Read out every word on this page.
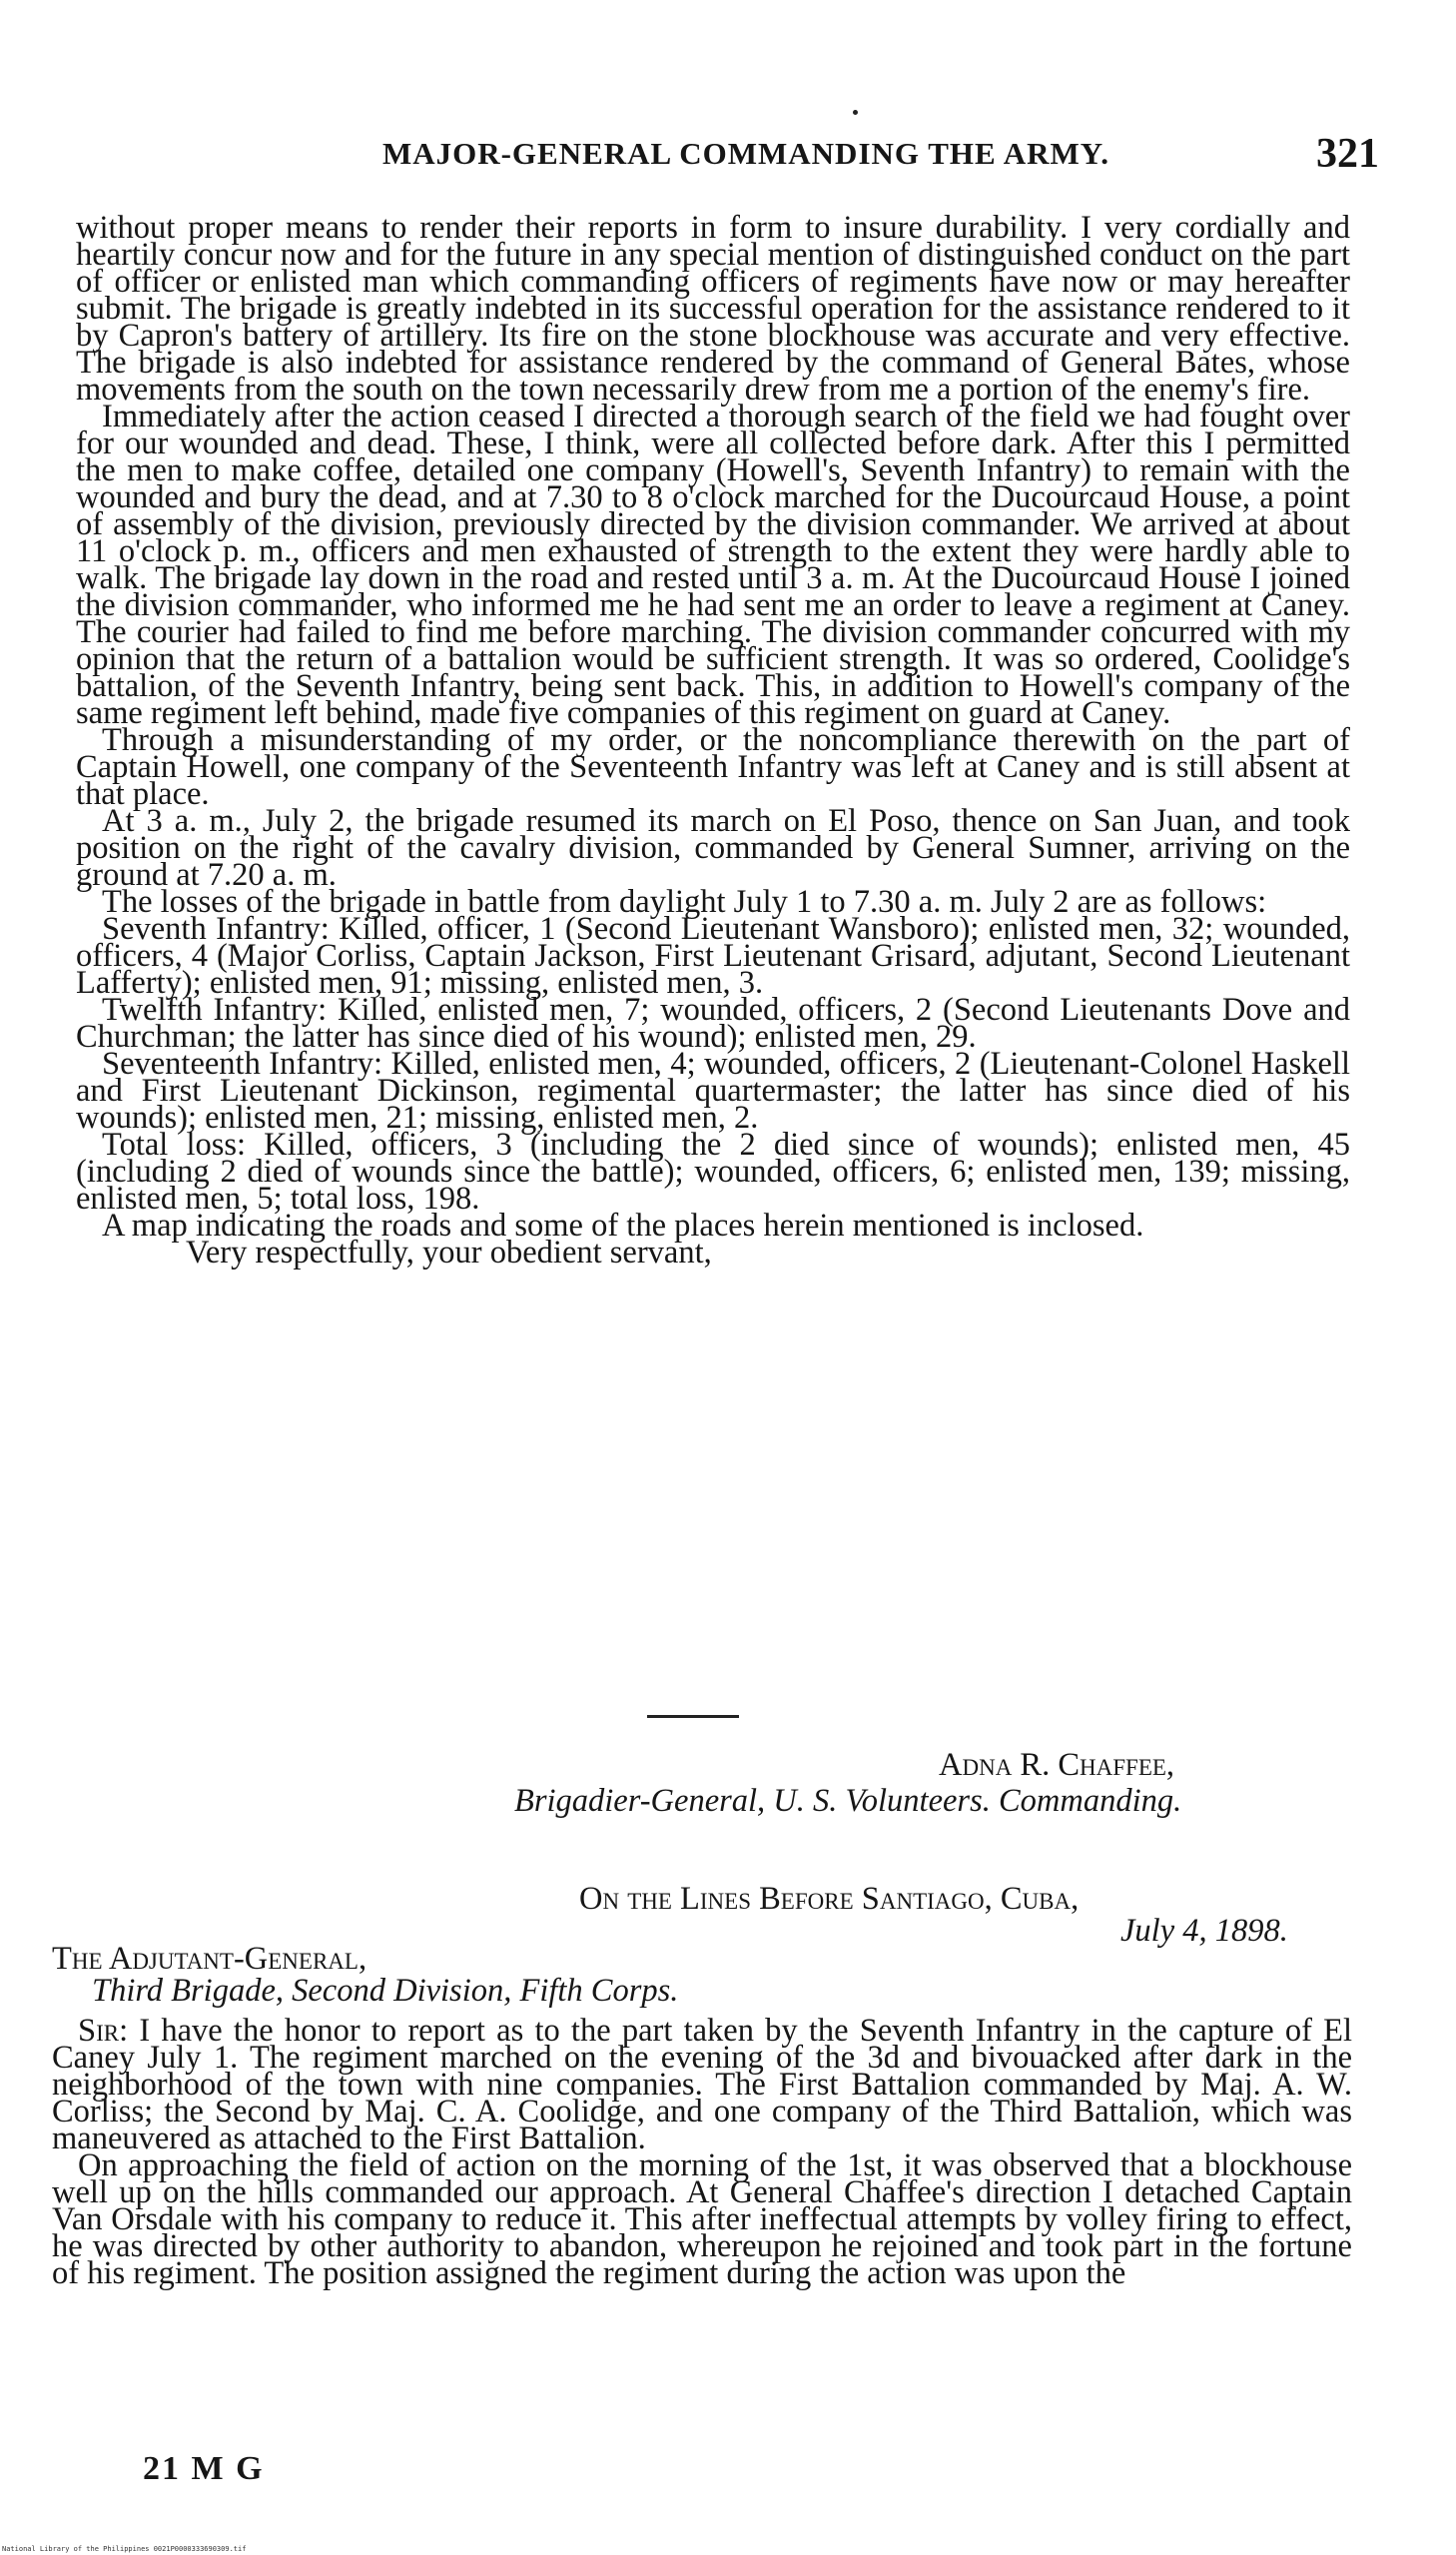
MAJOR-GENERAL COMMANDING THE ARMY.	321

without proper means to render their reports in form to insure durability. I very cordially and heartily concur now and for the future in any special mention of distinguished conduct on the part of officer or enlisted man which commanding officers of regiments have now or may hereafter submit. The brigade is greatly indebted in its successful operation for the assistance rendered to it by Capron's battery of artillery. Its fire on the stone blockhouse was accurate and very effective. The brigade is also indebted for assistance rendered by the command of General Bates, whose movements from the south on the town necessarily drew from me a portion of the enemy's fire.

Immediately after the action ceased I directed a thorough search of the field we had fought over for our wounded and dead. These, I think, were all collected before dark. After this I permitted the men to make coffee, detailed one company (Howell's, Seventh Infantry) to remain with the wounded and bury the dead, and at 7.30 to 8 o'clock marched for the Ducourcaud House, a point of assembly of the division, previously directed by the division commander. We arrived at about 11 o'clock p. m., officers and men exhausted of strength to the extent they were hardly able to walk. The brigade lay down in the road and rested until 3 a. m. At the Ducourcaud House I joined the division commander, who informed me he had sent me an order to leave a regiment at Caney. The courier had failed to find me before marching. The division commander concurred with my opinion that the return of a battalion would be sufficient strength. It was so ordered, Coolidge's battalion, of the Seventh Infantry, being sent back. This, in addition to Howell's company of the same regiment left behind, made five companies of this regiment on guard at Caney.

Through a misunderstanding of my order, or the noncompliance therewith on the part of Captain Howell, one company of the Seventeenth Infantry was left at Caney and is still absent at that place.

At 3 a. m., July 2, the brigade resumed its march on El Poso, thence on San Juan, and took position on the right of the cavalry division, commanded by General Sumner, arriving on the ground at 7.20 a. m.

The losses of the brigade in battle from daylight July 1 to 7.30 a. m. July 2 are as follows:

Seventh Infantry: Killed, officer, 1 (Second Lieutenant Wansboro); enlisted men, 32; wounded, officers, 4 (Major Corliss, Captain Jackson, First Lieutenant Grisard, adjutant, Second Lieutenant Lafferty); enlisted men, 91; missing, enlisted men, 3.

Twelfth Infantry: Killed, enlisted men, 7; wounded, officers, 2 (Second Lieutenants Dove and Churchman; the latter has since died of his wound); enlisted men, 29.

Seventeenth Infantry: Killed, enlisted men, 4; wounded, officers, 2 (Lieutenant-Colonel Haskell and First Lieutenant Dickinson, regimental quartermaster; the latter has since died of his wounds); enlisted men, 21; missing, enlisted men, 2.

Total loss: Killed, officers, 3 (including the 2 died since of wounds); enlisted men, 45 (including 2 died of wounds since the battle); wounded, officers, 6; enlisted men, 139; missing, enlisted men, 5; total loss, 198.

A map indicating the roads and some of the places herein mentioned is inclosed.

Very respectfully, your obedient servant,

Adna R. Chaffee,
Brigadier-General, U. S. Volunteers. Commanding.
On the Lines Before Santiago, Cuba,
July 4, 1898.
The Adjutant-General,
Third Brigade, Second Division, Fifth Corps.

Sir: I have the honor to report as to the part taken by the Seventh Infantry in the capture of El Caney July 1. The regiment marched on the evening of the 3d and bivouacked after dark in the neighborhood of the town with nine companies. The First Battalion commanded by Maj. A. W. Corliss; the Second by Maj. C. A. Coolidge, and one company of the Third Battalion, which was maneuvered as attached to the First Battalion.

On approaching the field of action on the morning of the 1st, it was observed that a blockhouse well up on the hills commanded our approach. At General Chaffee's direction I detached Captain Van Orsdale with his company to reduce it. This after ineffectual attempts by volley firing to effect, he was directed by other authority to abandon, whereupon he rejoined and took part in the fortune of his regiment. The position assigned the regiment during the action was upon the

21 M G
National Library of the Philippines 0021P0000333690309.tif
